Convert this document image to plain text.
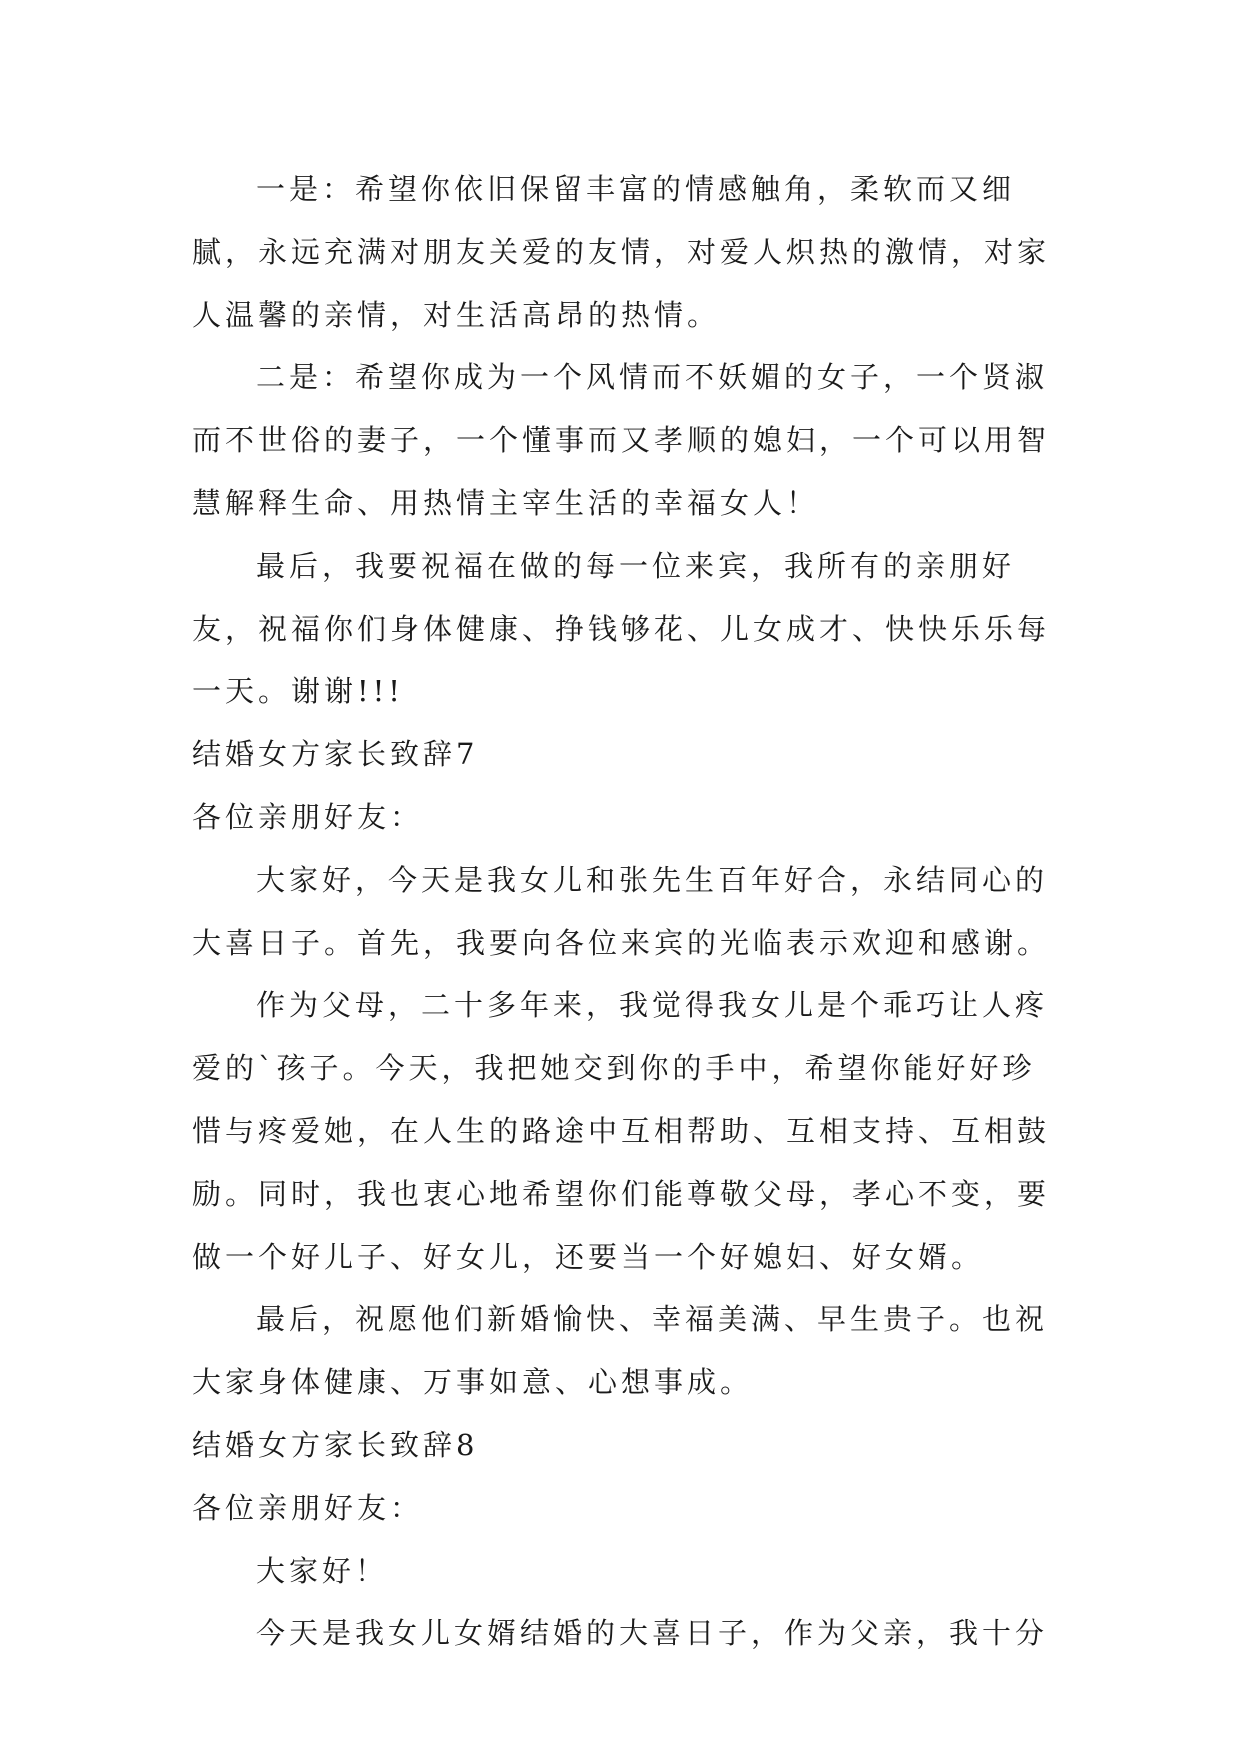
一是：希望你依旧保留丰富的情感触角，柔软而又细腻，永远充满对朋友关爱的友情，对爱人炽热的激情，对家人温馨的亲情，对生活高昂的热情。

二是：希望你成为一个风情而不妖媚的女子，一个贤淑而不世俗的妻子，一个懂事而又孝顺的媳妇，一个可以用智慧解释生命、用热情主宰生活的幸福女人！

最后，我要祝福在做的每一位来宾，我所有的亲朋好友，祝福你们身体健康、挣钱够花、儿女成才、快快乐乐每一天。谢谢!!!

结婚女方家长致辞7

各位亲朋好友：

大家好，今天是我女儿和张先生百年好合，永结同心的大喜日子。首先，我要向各位来宾的光临表示欢迎和感谢。

作为父母，二十多年来，我觉得我女儿是个乖巧让人疼爱的`孩子。今天，我把她交到你的手中，希望你能好好珍惜与疼爱她，在人生的路途中互相帮助、互相支持、互相鼓励。同时，我也衷心地希望你们能尊敬父母，孝心不变，要做一个好儿子、好女儿，还要当一个好媳妇、好女婿。

最后，祝愿他们新婚愉快、幸福美满、早生贵子。也祝大家身体健康、万事如意、心想事成。

结婚女方家长致辞8

各位亲朋好友：

大家好！

今天是我女儿女婿结婚的大喜日子，作为父亲，我十分
